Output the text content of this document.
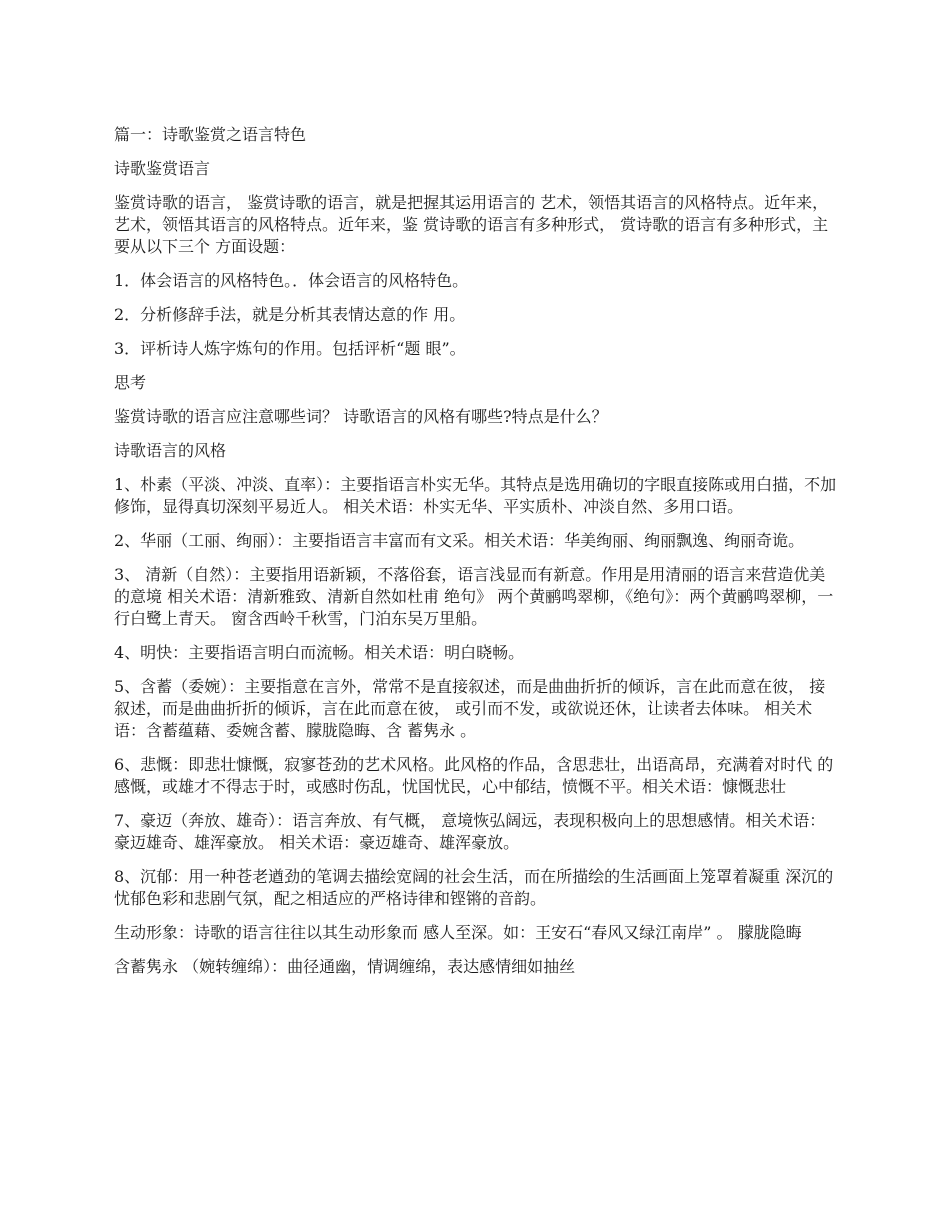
篇一：诗歌鉴赏之语言特色

诗歌鉴赏语言

鉴赏诗歌的语言， 鉴赏诗歌的语言，就是把握其运用语言的 艺术，领悟其语言的风格特点。近年来， 艺术，领悟其语言的风格特点。近年来，鉴 赏诗歌的语言有多种形式， 赏诗歌的语言有多种形式，主要从以下三个 方面设题：

1．体会语言的风格特色。．体会语言的风格特色。

2．分析修辞手法，就是分析其表情达意的作 用。

3．评析诗人炼字炼句的作用。包括评析“题 眼”。

思考

鉴赏诗歌的语言应注意哪些词？ 诗歌语言的风格有哪些?特点是什么？

诗歌语言的风格

1、朴素（平淡、冲淡、直率）：主要指语言朴实无华。其特点是选用确切的字眼直接陈或用白描，不加修饰，显得真切深刻平易近人。 相关术语：朴实无华、平实质朴、冲淡自然、多用口语。

2、华丽（工丽、绚丽）：主要指语言丰富而有文采。相关术语：华美绚丽、绚丽飘逸、绚丽奇诡。

3、 清新（自然）：主要指用语新颖，不落俗套，语言浅显而有新意。作用是用清丽的语言来营造优美的意境 相关术语：清新雅致、清新自然如杜甫 绝句》 两个黄鹂鸣翠柳，《绝句》：两个黄鹂鸣翠柳，一行白鹭上青天。 窗含西岭千秋雪，门泊东吴万里船。

4、明快：主要指语言明白而流畅。相关术语：明白晓畅。

5、含蓄（委婉）：主要指意在言外，常常不是直接叙述，而是曲曲折折的倾诉，言在此而意在彼， 接叙述，而是曲曲折折的倾诉，言在此而意在彼， 或引而不发，或欲说还休，让读者去体味。 相关术语：含蓄蕴藉、委婉含蓄、朦胧隐晦、含 蓄隽永 。

6、悲慨：即悲壮慷慨，寂寥苍劲的艺术风格。此风格的作品，含思悲壮，出语高昂，充满着对时代 的感慨，或雄才不得志于时，或感时伤乱，忧国忧民，心中郁结，愤慨不平。相关术语：慷慨悲壮

7、豪迈（奔放、雄奇）：语言奔放、有气概， 意境恢弘阔远，表现积极向上的思想感情。相关术语：豪迈雄奇、雄浑豪放。 相关术语：豪迈雄奇、雄浑豪放。

8、沉郁：用一种苍老遒劲的笔调去描绘宽阔的社会生活，而在所描绘的生活画面上笼罩着凝重 深沉的忧郁色彩和悲剧气氛，配之相适应的严格诗律和铿锵的音韵。

生动形象：诗歌的语言往往以其生动形象而 感人至深。如：王安石“春风又绿江南岸” 。 朦胧隐晦

含蓄隽永 （婉转缠绵）：曲径通幽，情调缠绵，表达感情细如抽丝
